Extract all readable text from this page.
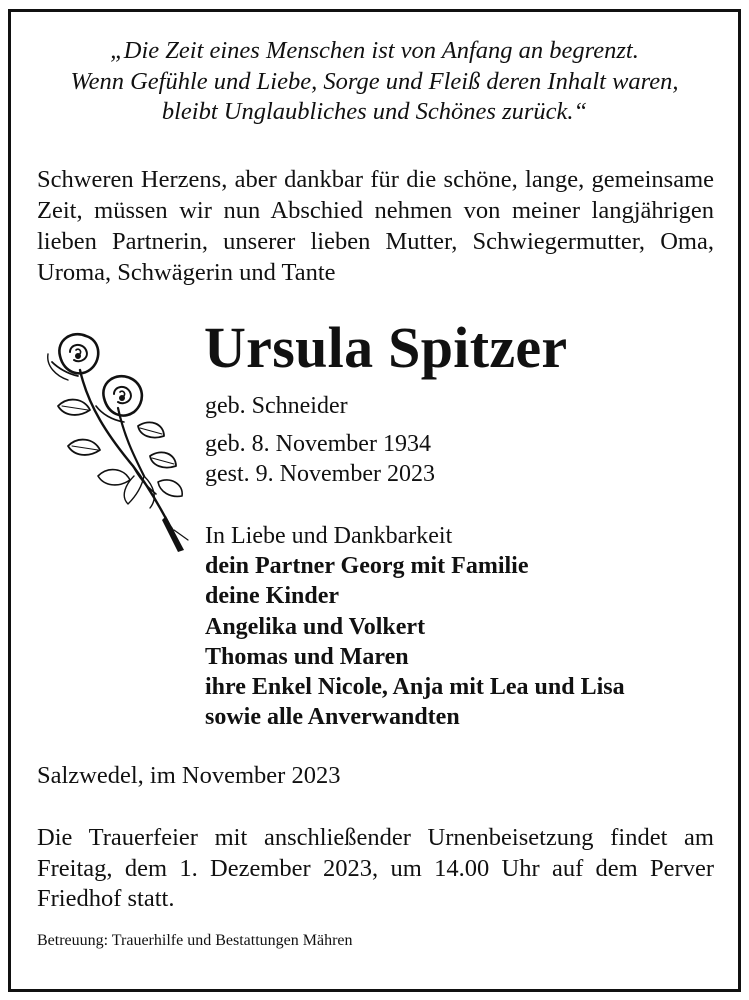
„Die Zeit eines Menschen ist von Anfang an begrenzt.
Wenn Gefühle und Liebe, Sorge und Fleiß deren Inhalt waren,
bleibt Unglaubliches und Schönes zurück.“
Schweren Herzens, aber dankbar für die schöne, lange, gemeinsame Zeit, müssen wir nun Abschied nehmen von meiner langjährigen lieben Partnerin, unserer lieben Mutter, Schwiegermutter, Oma, Uroma, Schwägerin und Tante
Ursula Spitzer
geb. Schneider
geb. 8. November 1934
gest. 9. November 2023
In Liebe und Dankbarkeit
dein Partner Georg mit Familie
deine Kinder
Angelika und Volkert
Thomas und Maren
ihre Enkel Nicole, Anja mit Lea und Lisa
sowie alle Anverwandten
Salzwedel, im November 2023
Die Trauerfeier mit anschließender Urnenbeisetzung findet am Freitag, dem 1. Dezember 2023, um 14.00 Uhr auf dem Perver Friedhof statt.
Betreuung: Trauerhilfe und Bestattungen Mähren
